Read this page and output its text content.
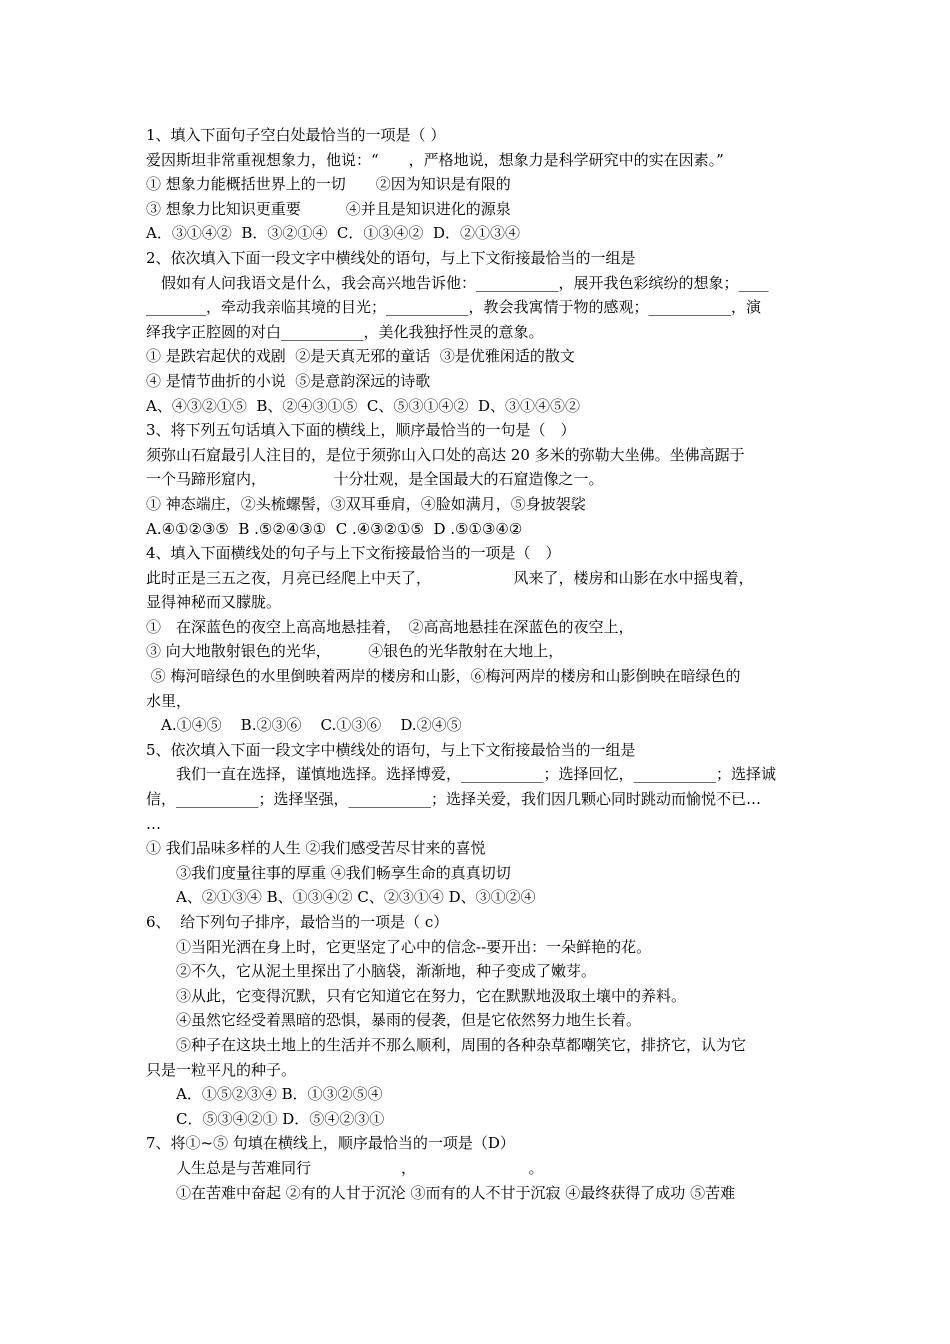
1、填入下面句子空白处最恰当的一项是（ ）

爱因斯坦非常重视想象力，他说：“　　，严格地说，想象力是科学研究中的实在因素。”

① 想象力能概括世界上的一切　　②因为知识是有限的

③ 想象力比知识更重要　　　④并且是知识进化的源泉

A．③①④②  B．③②①④  C．①③④②  D．②①③④

2、依次填入下面一段文字中横线处的语句，与上下文衔接最恰当的一组是

　假如有人问我语文是什么，我会高兴地告诉他：___________，展开我色彩缤纷的想象；____

________，牵动我亲临其境的目光；___________，教会我寓情于物的感观；___________，演

绎我字正腔圆的对白___________，美化我独抒性灵的意象。

① 是跌宕起伏的戏剧  ②是天真无邪的童话  ③是优雅闲适的散文

④ 是情节曲折的小说  ⑤是意韵深远的诗歌

A、④③②①⑤  B、②④③①⑤  C、⑤③①④②  D、③①④⑤②

3、将下列五句话填入下面的横线上，顺序最恰当的一句是（　）

须弥山石窟最引人注目的，是位于须弥山入口处的高达 20 多米的弥勒大坐佛。坐佛高踞于

一个马蹄形窟内，　　　　　十分壮观，是全国最大的石窟造像之一。

① 神态端庄，②头梳螺髻，③双耳垂肩，④脸如满月，⑤身披袈裟

A.④①②③⑤  B .⑤②④③①  C .④③②①⑤  D .⑤①③④②

4、填入下面横线处的句子与上下文衔接最恰当的一项是（　）

此时正是三五之夜，月亮已经爬上中天了，　　　　　　风来了，楼房和山影在水中摇曳着，

显得神秘而又朦胧。

①　在深蓝色的夜空上高高地悬挂着，　②高高地悬挂在深蓝色的夜空上，

③ 向大地散射银色的光华，　　　④银色的光华散射在大地上，

⑤ 梅河暗绿色的水里倒映着两岸的楼房和山影，⑥梅河两岸的楼房和山影倒映在暗绿色的

水里，

　A.①④⑤    B.②③⑥    C.①③⑥    D.②④⑤

5、依次填入下面一段文字中横线处的语句，与上下文衔接最恰当的一组是

　　我们一直在选择，谨慎地选择。选择博爱，___________；选择回忆，___________；选择诚

信，___________；选择坚强，___________；选择关爱，我们因几颗心同时跳动而愉悦不已…

…

① 我们品味多样的人生 ②我们感受苦尽甘来的喜悦

　　③我们度量往事的厚重 ④我们畅享生命的真真切切

　　A、②①③④ B、①③④② C、②③①④ D、③①②④

6、  给下列句子排序，最恰当的一项是（ c）

　　①当阳光洒在身上时，它更坚定了心中的信念--要开出：一朵鲜艳的花。

　　②不久，它从泥土里探出了小脑袋，渐渐地，种子变成了嫩芽。

　　③从此，它变得沉默，只有它知道它在努力，它在默默地汲取土壤中的养料。

　　④虽然它经受着黑暗的恐惧，暴雨的侵袭，但是它依然努力地生长着。

　　⑤种子在这块土地上的生活并不那么顺利，周围的各种杂草都嘲笑它，排挤它，认为它

只是一粒平凡的种子。

　　A．①⑤②③④ B．①③②⑤④

　　C．⑤③④②① D．⑤④②③①

7、将①~⑤ 句填在横线上，顺序最恰当的一项是（D）

　　人生总是与苦难同行　　　　　　，　　　　　　　　。

　　①在苦难中奋起 ②有的人甘于沉沦 ③而有的人不甘于沉寂 ④最终获得了成功 ⑤苦难
